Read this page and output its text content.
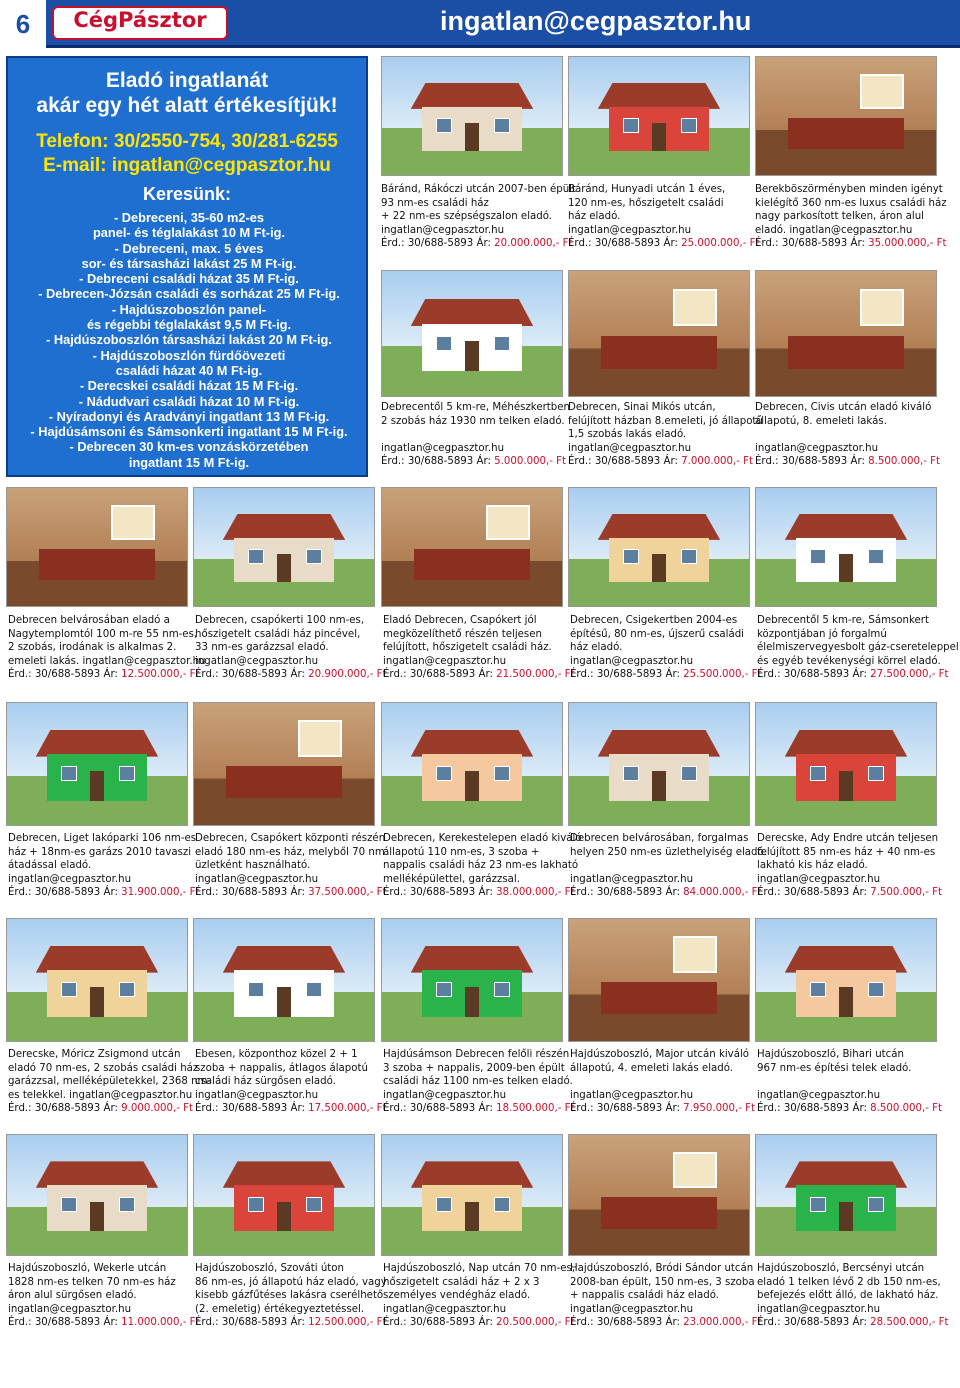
6	CégPásztor	ingatlan@cegpasztor.hu
Eladó ingatlanát
akár egy hét alatt értékesítjük!
Telefon: 30/2550-754, 30/281-6255
E-mail: ingatlan@cegpasztor.hu
Keresünk:
- Debreceni, 35-60 m2-es
panel- és téglalakást 10 M Ft-ig.
- Debreceni, max. 5 éves
sor- és társasházi lakást 25 M Ft-ig.
- Debreceni családi házat 35 M Ft-ig.
- Debrecen-Józsán családi és sorházat 25 M Ft-ig.
- Hajdúszoboszlón panel-
és régebbi téglalakást 9,5 M Ft-ig.
- Hajdúszoboszlón társasházi lakást 20 M Ft-ig.
- Hajdúszoboszlón fürdőövezeti
családi házat 40 M Ft-ig.
- Derecskei családi házat 15 M Ft-ig.
- Nádudvari családi házat 10 M Ft-ig.
- Nyíradonyi és Aradványi ingatlant 13 M Ft-ig.
- Hajdúsámsoni és Sámsonkerti ingatlant 15 M Ft-ig.
- Debrecen 30 km-es vonzáskörzetében
ingatlant 15 M Ft-ig.
Báránd, Rákóczi utcán 2007-ben épült
93 nm-es családi ház
+ 22 nm-es szépségszalon eladó.
ingatlan@cegpasztor.hu
Érd.: 30/688-5893 Ár: 20.000.000,- Ft
Báránd, Hunyadi utcán 1 éves,
120 nm-es, hőszigetelt családi
ház eladó.
ingatlan@cegpasztor.hu
Érd.: 30/688-5893 Ár: 25.000.000,- Ft
Berekböszörményben minden igényt
kielégítő 360 nm-es luxus családi ház
nagy parkosított telken, áron alul
eladó. ingatlan@cegpasztor.hu
Érd.: 30/688-5893 Ár: 35.000.000,- Ft
Debrecentől 5 km-re, Méhészkertben
2 szobás ház 1930 nm telken eladó.

ingatlan@cegpasztor.hu
Érd.: 30/688-5893 Ár: 5.000.000,- Ft
Debrecen, Sinai Mikós utcán,
felújított házban 8.emeleti, jó állapotú
1,5 szobás lakás eladó.
ingatlan@cegpasztor.hu
Érd.: 30/688-5893 Ár: 7.000.000,- Ft
Debrecen, Civis utcán eladó kiváló
állapotú, 8. emeleti lakás.

ingatlan@cegpasztor.hu
Érd.: 30/688-5893 Ár: 8.500.000,- Ft
Debrecen belvárosában eladó a
Nagytemplomtól 100 m-re 55 nm-es,
2 szobás, irodának is alkalmas 2.
emeleti lakás. ingatlan@cegpasztor.hu
Érd.: 30/688-5893 Ár: 12.500.000,- Ft
Debrecen, csapókerti 100 nm-es,
hőszigetelt családi ház pincével,
33 nm-es garázzsal eladó.
ingatlan@cegpasztor.hu
Érd.: 30/688-5893 Ár: 20.900.000,- Ft
Eladó Debrecen, Csapókert jól
megközelíthető részén teljesen
felújított, hőszigetelt családi ház.
ingatlan@cegpasztor.hu
Érd.: 30/688-5893 Ár: 21.500.000,- Ft
Debrecen, Csigekertben 2004-es
építésű, 80 nm-es, újszerű családi
ház eladó.
ingatlan@cegpasztor.hu
Érd.: 30/688-5893 Ár: 25.500.000,- Ft
Debrecentől 5 km-re, Sámsonkert
központjában jó forgalmú
élelmiszervegyesbolt gáz-csereteleppel
és egyéb tevékenységi körrel eladó.
Érd.: 30/688-5893 Ár: 27.500.000,- Ft
Debrecen, Liget lakóparki 106 nm-es
ház + 18nm-es garázs 2010 tavaszi
átadással eladó.
ingatlan@cegpasztor.hu
Érd.: 30/688-5893 Ár: 31.900.000,- Ft
Debrecen, Csapókert központi részén
eladó 180 nm-es ház, melyből 70 nm
üzletként használható.
ingatlan@cegpasztor.hu
Érd.: 30/688-5893 Ár: 37.500.000,- Ft
Debrecen, Kerekestelepen eladó kiváló
állapotú 110 nm-es, 3 szoba +
nappalis családi ház 23 nm-es lakható
melléképülettel, garázzsal.
Érd.: 30/688-5893 Ár: 38.000.000,- Ft
Debrecen belvárosában, forgalmas
helyen 250 nm-es üzlethelyiség eladó.

ingatlan@cegpasztor.hu
Érd.: 30/688-5893 Ár: 84.000.000,- Ft
Derecske, Ady Endre utcán teljesen
felújított 85 nm-es ház + 40 nm-es
lakható kis ház eladó.
ingatlan@cegpasztor.hu
Érd.: 30/688-5893 Ár: 7.500.000,- Ft
Derecske, Móricz Zsigmond utcán
eladó 70 nm-es, 2 szobás családi ház
garázzsal, melléképületekkel, 2368 nm-
es telekkel. ingatlan@cegpasztor.hu
Érd.: 30/688-5893 Ár: 9.000.000,- Ft
Ebesen, központhoz közel 2 + 1
szoba + nappalis, átlagos álapotú
családi ház sürgősen eladó.
ingatlan@cegpasztor.hu
Érd.: 30/688-5893 Ár: 17.500.000,- Ft
Hajdúsámson Debrecen felőli részén
3 szoba + nappalis, 2009-ben épült
családi ház 1100 nm-es telken eladó.
ingatlan@cegpasztor.hu
Érd.: 30/688-5893 Ár: 18.500.000,- Ft
Hajdúszoboszló, Major utcán kiváló
állapotú, 4. emeleti lakás eladó.

ingatlan@cegpasztor.hu
Érd.: 30/688-5893 Ár: 7.950.000,- Ft
Hajdúszoboszló, Bihari utcán
967 nm-es építési telek eladó.

ingatlan@cegpasztor.hu
Érd.: 30/688-5893 Ár: 8.500.000,- Ft
Hajdúszoboszló, Wekerle utcán
1828 nm-es telken 70 nm-es ház
áron alul sürgősen eladó.
ingatlan@cegpasztor.hu
Érd.: 30/688-5893 Ár: 11.000.000,- Ft
Hajdúszoboszló, Szováti úton
86 nm-es, jó állapotú ház eladó, vagy
kisebb gázfűtéses lakásra cserélhető
(2. emeletig) értékegyeztetéssel.
Érd.: 30/688-5893 Ár: 12.500.000,- Ft
Hajdúszoboszló, Nap utcán 70 nm-es,
hőszigetelt családi ház + 2 x 3
személyes vendégház eladó.
ingatlan@cegpasztor.hu
Érd.: 30/688-5893 Ár: 20.500.000,- Ft
Hajdúszoboszló, Bródi Sándor utcán
2008-ban épült, 150 nm-es, 3 szoba
+ nappalis családi ház eladó.
ingatlan@cegpasztor.hu
Érd.: 30/688-5893 Ár: 23.000.000,- Ft
Hajdúszoboszló, Bercsényi utcán
eladó 1 telken lévő 2 db 150 nm-es,
befejezés előtt álló, de lakható ház.
ingatlan@cegpasztor.hu
Érd.: 30/688-5893 Ár: 28.500.000,- Ft
